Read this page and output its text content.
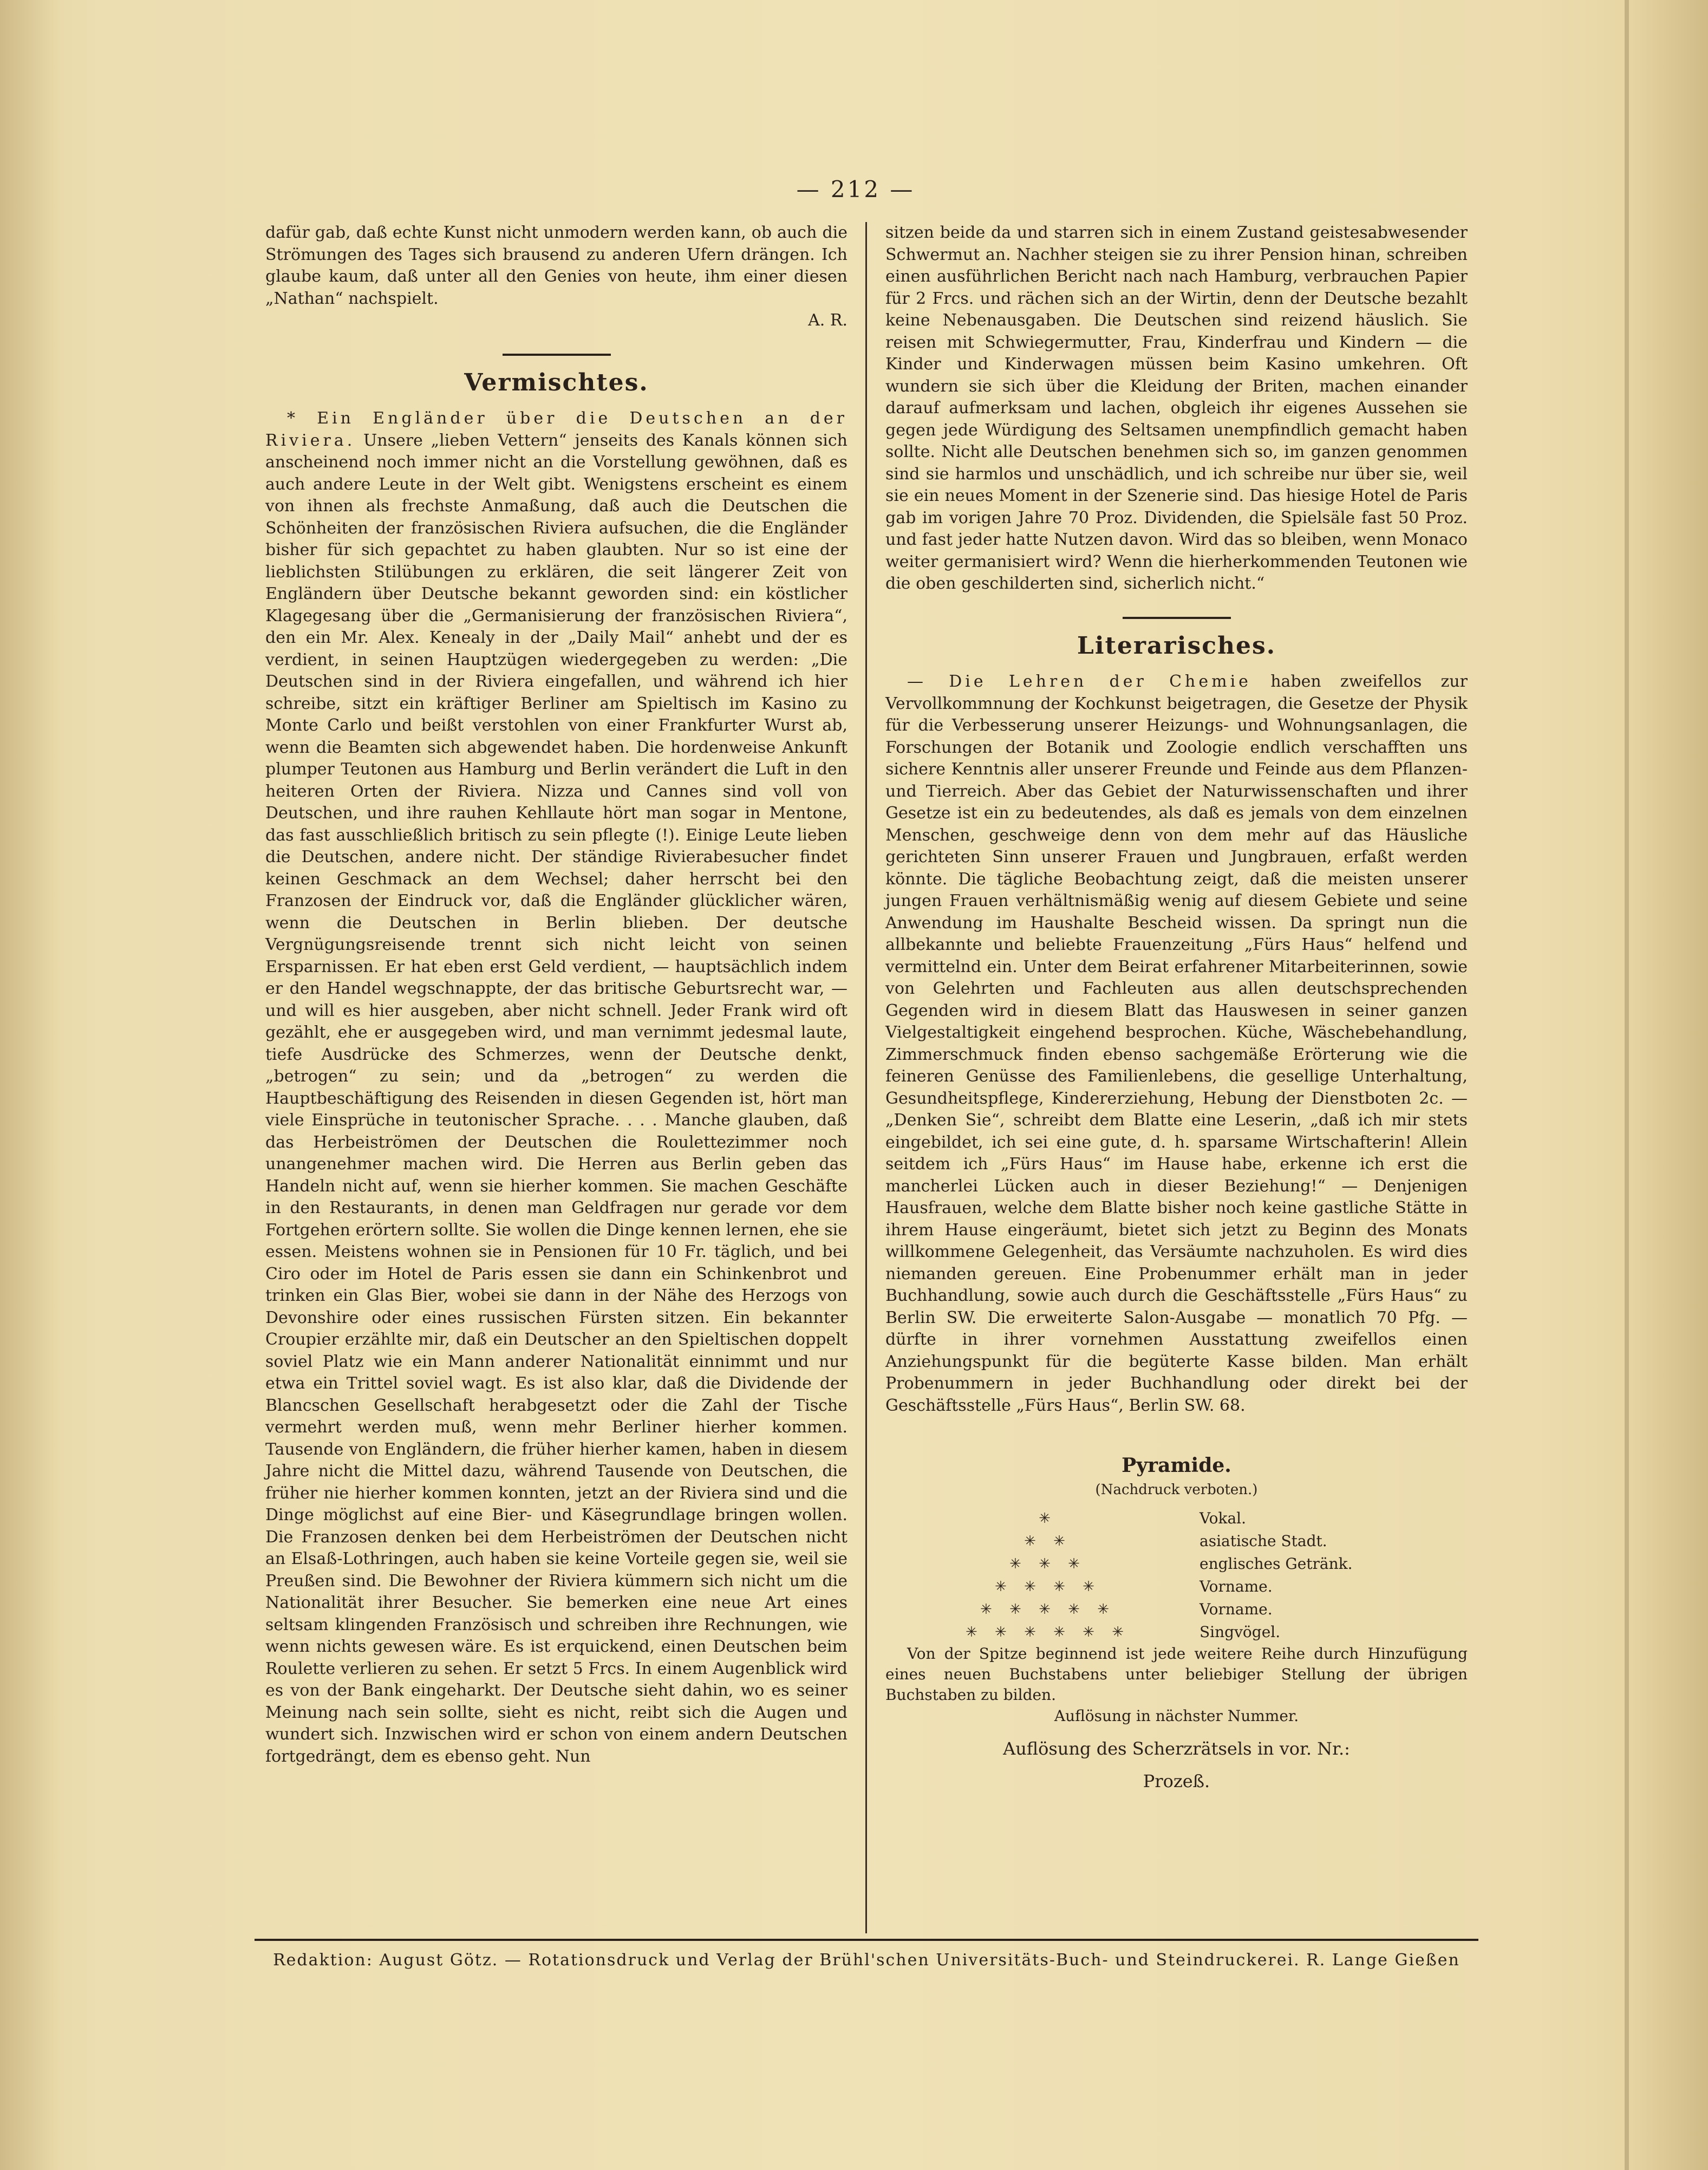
— 212 —

dafür gab, daß echte Kunst nicht unmodern werden kann, ob auch die Strömungen des Tages sich brausend zu anderen Ufern drängen. Ich glaube kaum, daß unter all den Genies von heute, ihm einer diesen „Nathan“ nachspielt.
A. R.

Vermischtes.

* Ein Engländer über die Deutschen an der Riviera. Unsere „lieben Vettern“ jenseits des Kanals können sich anscheinend noch immer nicht an die Vorstellung gewöhnen, daß es auch andere Leute in der Welt gibt. Wenigstens erscheint es einem von ihnen als frechste Anmaßung, daß auch die Deutschen die Schönheiten der französischen Riviera aufsuchen, die die Engländer bisher für sich gepachtet zu haben glaubten. Nur so ist eine der lieblichsten Stilübungen zu erklären, die seit längerer Zeit von Engländern über Deutsche bekannt geworden sind: ein köstlicher Klagegesang über die „Germanisierung der französischen Riviera“, den ein Mr. Alex. Kenealy in der „Daily Mail“ anhebt und der es verdient, in seinen Hauptzügen wiedergegeben zu werden: „Die Deutschen sind in der Riviera eingefallen, und während ich hier schreibe, sitzt ein kräftiger Berliner am Spieltisch im Kasino zu Monte Carlo und beißt verstohlen von einer Frankfurter Wurst ab, wenn die Beamten sich abgewendet haben. Die hordenweise Ankunft plumper Teutonen aus Hamburg und Berlin verändert die Luft in den heiteren Orten der Riviera. Nizza und Cannes sind voll von Deutschen, und ihre rauhen Kehllaute hört man sogar in Mentone, das fast ausschließlich britisch zu sein pflegte (!). Einige Leute lieben die Deutschen, andere nicht. Der ständige Rivierabesucher findet keinen Geschmack an dem Wechsel; daher herrscht bei den Franzosen der Eindruck vor, daß die Engländer glücklicher wären, wenn die Deutschen in Berlin blieben. Der deutsche Vergnügungsreisende trennt sich nicht leicht von seinen Ersparnissen. Er hat eben erst Geld verdient, — hauptsächlich indem er den Handel wegschnappte, der das britische Geburtsrecht war, — und will es hier ausgeben, aber nicht schnell. Jeder Frank wird oft gezählt, ehe er ausgegeben wird, und man vernimmt jedesmal laute, tiefe Ausdrücke des Schmerzes, wenn der Deutsche denkt, „betrogen“ zu sein; und da „betrogen“ zu werden die Hauptbeschäftigung des Reisenden in diesen Gegenden ist, hört man viele Einsprüche in teutonischer Sprache. . . . Manche glauben, daß das Herbeiströmen der Deutschen die Roulettezimmer noch unangenehmer machen wird. Die Herren aus Berlin geben das Handeln nicht auf, wenn sie hierher kommen. Sie machen Geschäfte in den Restaurants, in denen man Geldfragen nur gerade vor dem Fortgehen erörtern sollte. Sie wollen die Dinge kennen lernen, ehe sie essen. Meistens wohnen sie in Pensionen für 10 Fr. täglich, und bei Ciro oder im Hotel de Paris essen sie dann ein Schinkenbrot und trinken ein Glas Bier, wobei sie dann in der Nähe des Herzogs von Devonshire oder eines russischen Fürsten sitzen. Ein bekannter Croupier erzählte mir, daß ein Deutscher an den Spieltischen doppelt soviel Platz wie ein Mann anderer Nationalität einnimmt und nur etwa ein Trittel soviel wagt. Es ist also klar, daß die Dividende der Blancschen Gesellschaft herabgesetzt oder die Zahl der Tische vermehrt werden muß, wenn mehr Berliner hierher kommen. Tausende von Engländern, die früher hierher kamen, haben in diesem Jahre nicht die Mittel dazu, während Tausende von Deutschen, die früher nie hierher kommen konnten, jetzt an der Riviera sind und die Dinge möglichst auf eine Bier- und Käsegrundlage bringen wollen. Die Franzosen denken bei dem Herbeiströmen der Deutschen nicht an Elsaß-Lothringen, auch haben sie keine Vorteile gegen sie, weil sie Preußen sind. Die Bewohner der Riviera kümmern sich nicht um die Nationalität ihrer Besucher. Sie bemerken eine neue Art eines seltsam klingenden Französisch und schreiben ihre Rechnungen, wie wenn nichts gewesen wäre. Es ist erquickend, einen Deutschen beim Roulette verlieren zu sehen. Er setzt 5 Frcs. In einem Augenblick wird es von der Bank eingeharkt. Der Deutsche sieht dahin, wo es seiner Meinung nach sein sollte, sieht es nicht, reibt sich die Augen und wundert sich. Inzwischen wird er schon von einem andern Deutschen fortgedrängt, dem es ebenso geht. Nun

sitzen beide da und starren sich in einem Zustand geistesabwesender Schwermut an. Nachher steigen sie zu ihrer Pension hinan, schreiben einen ausführlichen Bericht nach nach Hamburg, verbrauchen Papier für 2 Frcs. und rächen sich an der Wirtin, denn der Deutsche bezahlt keine Nebenausgaben. Die Deutschen sind reizend häuslich. Sie reisen mit Schwiegermutter, Frau, Kinderfrau und Kindern — die Kinder und Kinderwagen müssen beim Kasino umkehren. Oft wundern sie sich über die Kleidung der Briten, machen einander darauf aufmerksam und lachen, obgleich ihr eigenes Aussehen sie gegen jede Würdigung des Seltsamen unempfindlich gemacht haben sollte. Nicht alle Deutschen benehmen sich so, im ganzen genommen sind sie harmlos und unschädlich, und ich schreibe nur über sie, weil sie ein neues Moment in der Szenerie sind. Das hiesige Hotel de Paris gab im vorigen Jahre 70 Proz. Dividenden, die Spielsäle fast 50 Proz. und fast jeder hatte Nutzen davon. Wird das so bleiben, wenn Monaco weiter germanisiert wird? Wenn die hierherkommenden Teutonen wie die oben geschilderten sind, sicherlich nicht.“

Literarisches.

— Die Lehren der Chemie haben zweifellos zur Vervollkommnung der Kochkunst beigetragen, die Gesetze der Physik für die Verbesserung unserer Heizungs- und Wohnungsanlagen, die Forschungen der Botanik und Zoologie endlich verschafften uns sichere Kenntnis aller unserer Freunde und Feinde aus dem Pflanzen- und Tierreich. Aber das Gebiet der Naturwissenschaften und ihrer Gesetze ist ein zu bedeutendes, als daß es jemals von dem einzelnen Menschen, geschweige denn von dem mehr auf das Häusliche gerichteten Sinn unserer Frauen und Jungbrauen, erfaßt werden könnte. Die tägliche Beobachtung zeigt, daß die meisten unserer jungen Frauen verhältnismäßig wenig auf diesem Gebiete und seine Anwendung im Haushalte Bescheid wissen. Da springt nun die allbekannte und beliebte Frauenzeitung „Fürs Haus“ helfend und vermittelnd ein. Unter dem Beirat erfahrener Mitarbeiterinnen, sowie von Gelehrten und Fachleuten aus allen deutschsprechenden Gegenden wird in diesem Blatt das Hauswesen in seiner ganzen Vielgestaltigkeit eingehend besprochen. Küche, Wäschebehandlung, Zimmerschmuck finden ebenso sachgemäße Erörterung wie die feineren Genüsse des Familienlebens, die gesellige Unterhaltung, Gesundheitspflege, Kindererziehung, Hebung der Dienstboten 2c. — „Denken Sie“, schreibt dem Blatte eine Leserin, „daß ich mir stets eingebildet, ich sei eine gute, d. h. sparsame Wirtschafterin! Allein seitdem ich „Fürs Haus“ im Hause habe, erkenne ich erst die mancherlei Lücken auch in dieser Beziehung!“ — Denjenigen Hausfrauen, welche dem Blatte bisher noch keine gastliche Stätte in ihrem Hause eingeräumt, bietet sich jetzt zu Beginn des Monats willkommene Gelegenheit, das Versäumte nachzuholen. Es wird dies niemanden gereuen. Eine Probenummer erhält man in jeder Buchhandlung, sowie auch durch die Geschäftsstelle „Fürs Haus“ zu Berlin SW. Die erweiterte Salon-Ausgabe — monatlich 70 Pfg. — dürfte in ihrer vornehmen Ausstattung zweifellos einen Anziehungspunkt für die begüterte Kasse bilden. Man erhält Probenummern in jeder Buchhandlung oder direkt bei der Geschäftsstelle „Fürs Haus“, Berlin SW. 68.

Pyramide.
(Nachdruck verboten.)
✳	Vokal.
✳ ✳	asiatische Stadt.
✳ ✳ ✳	englisches Getränk.
✳ ✳ ✳ ✳	Vorname.
✳ ✳ ✳ ✳ ✳	Vorname.
✳ ✳ ✳ ✳ ✳ ✳	Singvögel.

Von der Spitze beginnend ist jede weitere Reihe durch Hinzufügung eines neuen Buchstabens unter beliebiger Stellung der übrigen Buchstaben zu bilden.

Auflösung in nächster Nummer.
Auflösung des Scherzrätsels in vor. Nr.:
Prozeß.
Redaktion: August Götz. — Rotationsdruck und Verlag der Brühl'schen Universitäts-Buch- und Steindruckerei. R. Lange Gießen
